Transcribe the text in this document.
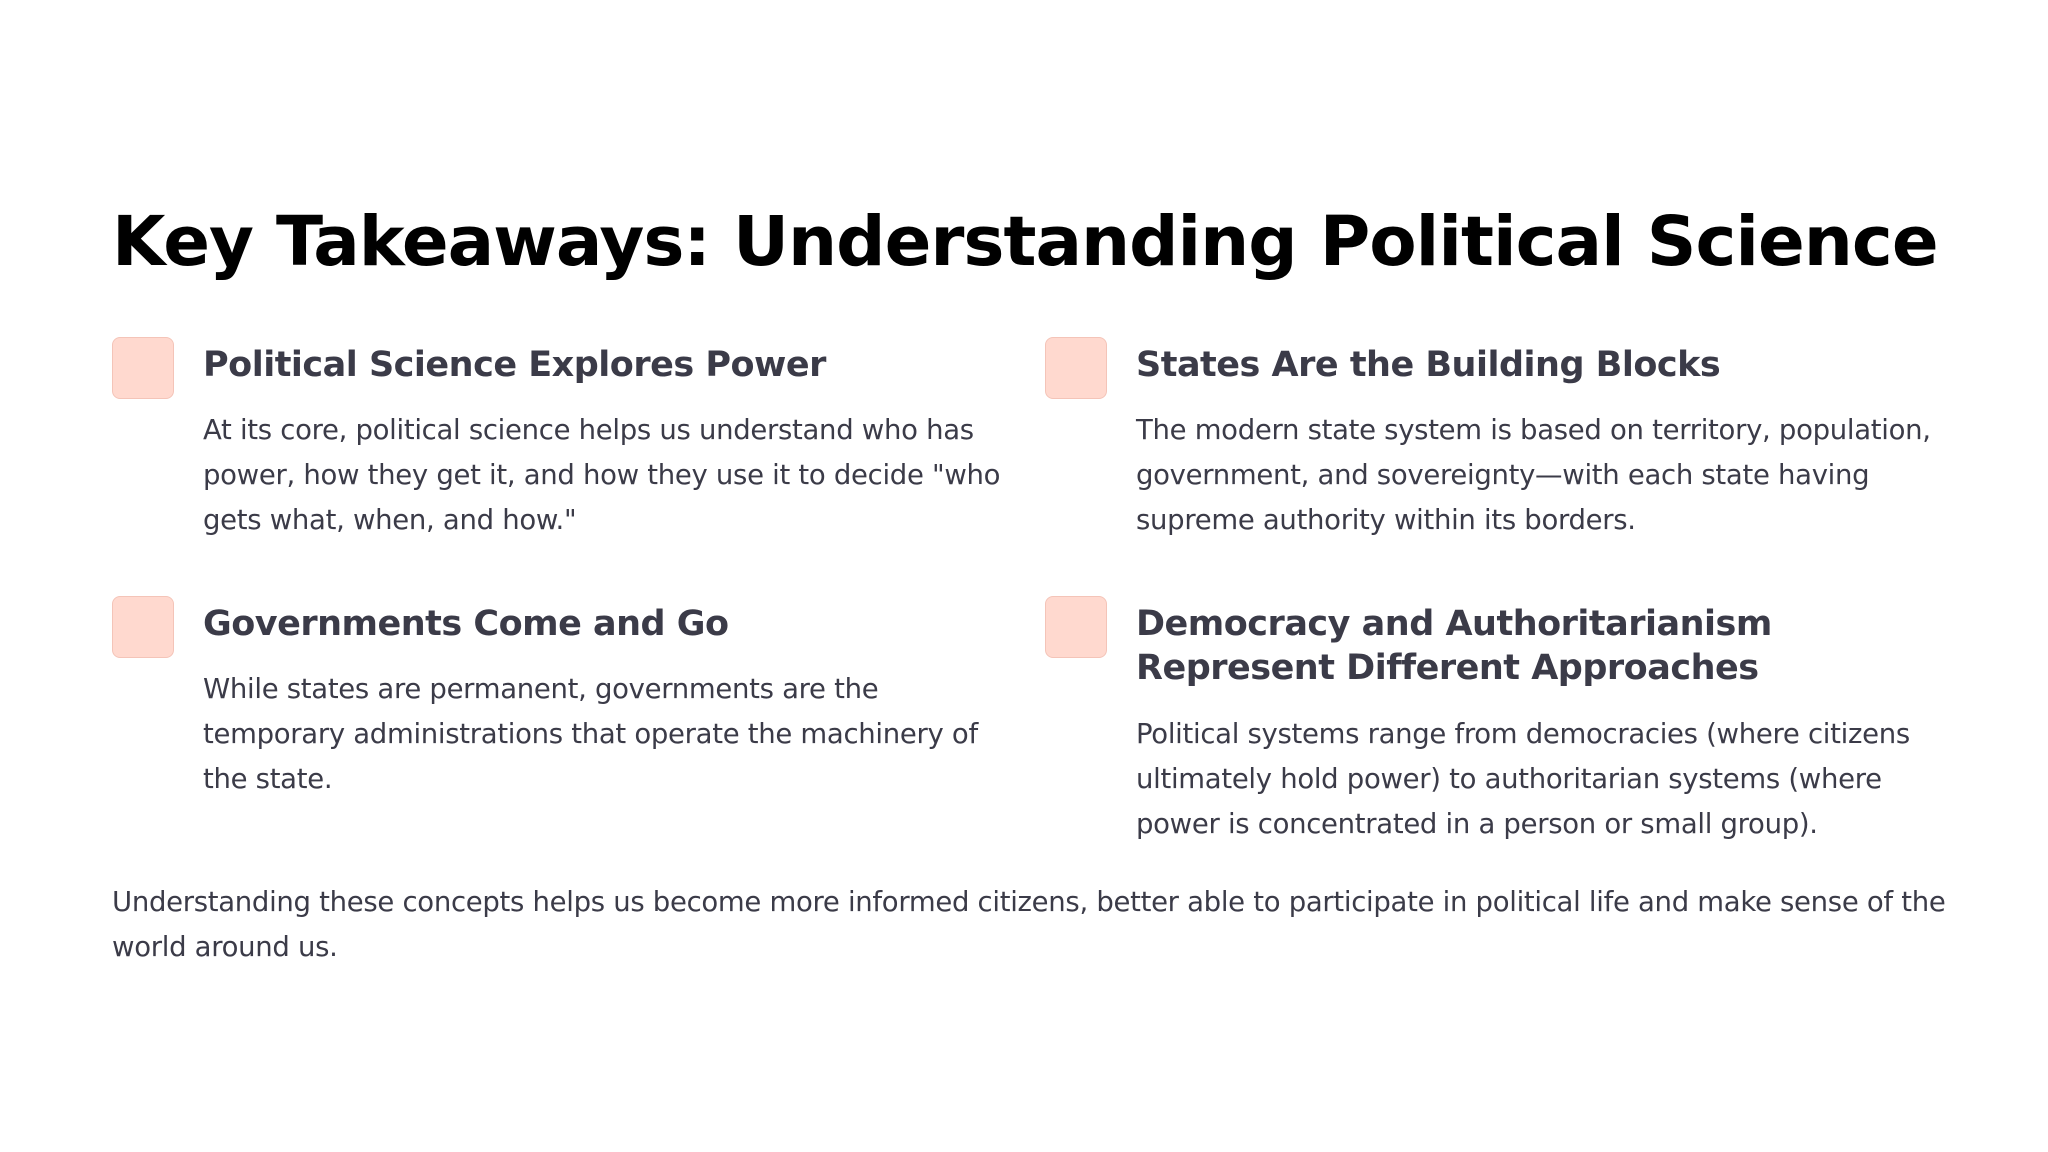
Key Takeaways: Understanding Political Science
Political Science Explores Power

At its core, political science helps us understand who has power, how they get it, and how they use it to decide "who gets what, when, and how."

States Are the Building Blocks

The modern state system is based on territory, population, government, and sovereignty—with each state having supreme authority within its borders.

Governments Come and Go

While states are permanent, governments are the temporary administrations that operate the machinery of the state.

Democracy and Authoritarianism Represent Different Approaches

Political systems range from democracies (where citizens ultimately hold power) to authoritarian systems (where power is concentrated in a person or small group).

Understanding these concepts helps us become more informed citizens, better able to participate in political life and make sense of the world around us.
